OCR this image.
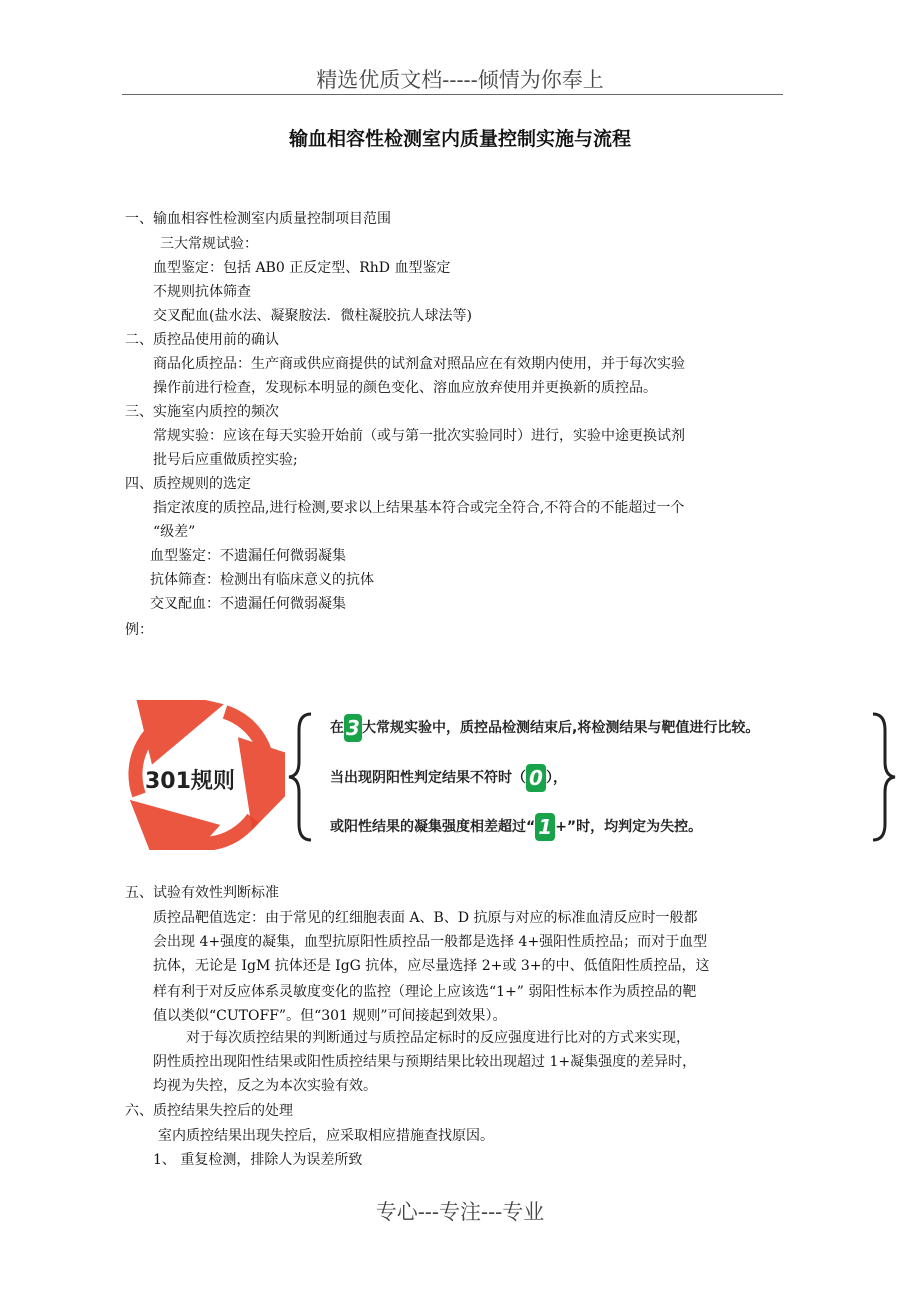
精选优质文档-----倾情为你奉上
输血相容性检测室内质量控制实施与流程
一、输血相容性检测室内质量控制项目范围
三大常规试验：
血型鉴定：包括 AB0 正反定型、RhD 血型鉴定
不规则抗体筛查
交叉配血(盐水法、凝聚胺法．微柱凝胶抗人球法等)
二、质控品使用前的确认
商品化质控品：生产商或供应商提供的试剂盒对照品应在有效期内使用，并于每次实验
操作前进行检查，发现标本明显的颜色变化、溶血应放弃使用并更换新的质控品。
三、实施室内质控的频次
常规实验：应该在每天实验开始前（或与第一批次实验同时）进行，实验中途更换试剂
批号后应重做质控实验;
四、质控规则的选定
指定浓度的质控品,进行检测,要求以上结果基本符合或完全符合,不符合的不能超过一个
“级差”
血型鉴定：不遗漏任何微弱凝集
抗体筛查：检测出有临床意义的抗体
交叉配血：不遗漏任何微弱凝集
例：
301规则
在 3 大常规实验中，质控品检测结束后,将检测结果与靶值进行比较。
当出现阴阳性判定结果不符时（ 0 ），
或阳性结果的凝集强度相差超过“ 1 +”时，均判定为失控。
五、试验有效性判断标准
质控品靶值选定：由于常见的红细胞表面 A、B、D 抗原与对应的标准血清反应时一般都
会出现 4+强度的凝集，血型抗原阳性质控品一般都是选择 4+强阳性质控品；而对于血型
抗体，无论是 IgM 抗体还是 IgG 抗体，应尽量选择 2+或 3+的中、低值阳性质控品，这
样有利于对反应体系灵敏度变化的监控（理论上应该选“1+” 弱阳性标本作为质控品的靶
值以类似“CUTOFF”。但“301 规则”可间接起到效果）。
对于每次质控结果的判断通过与质控品定标时的反应强度进行比对的方式来实现，
阴性质控出现阳性结果或阳性质控结果与预期结果比较出现超过 1+凝集强度的差异时，
均视为失控，反之为本次实验有效。
六、质控结果失控后的处理
室内质控结果出现失控后，应采取相应措施查找原因。
1、 重复检测，排除人为误差所致
专心---专注---专业
